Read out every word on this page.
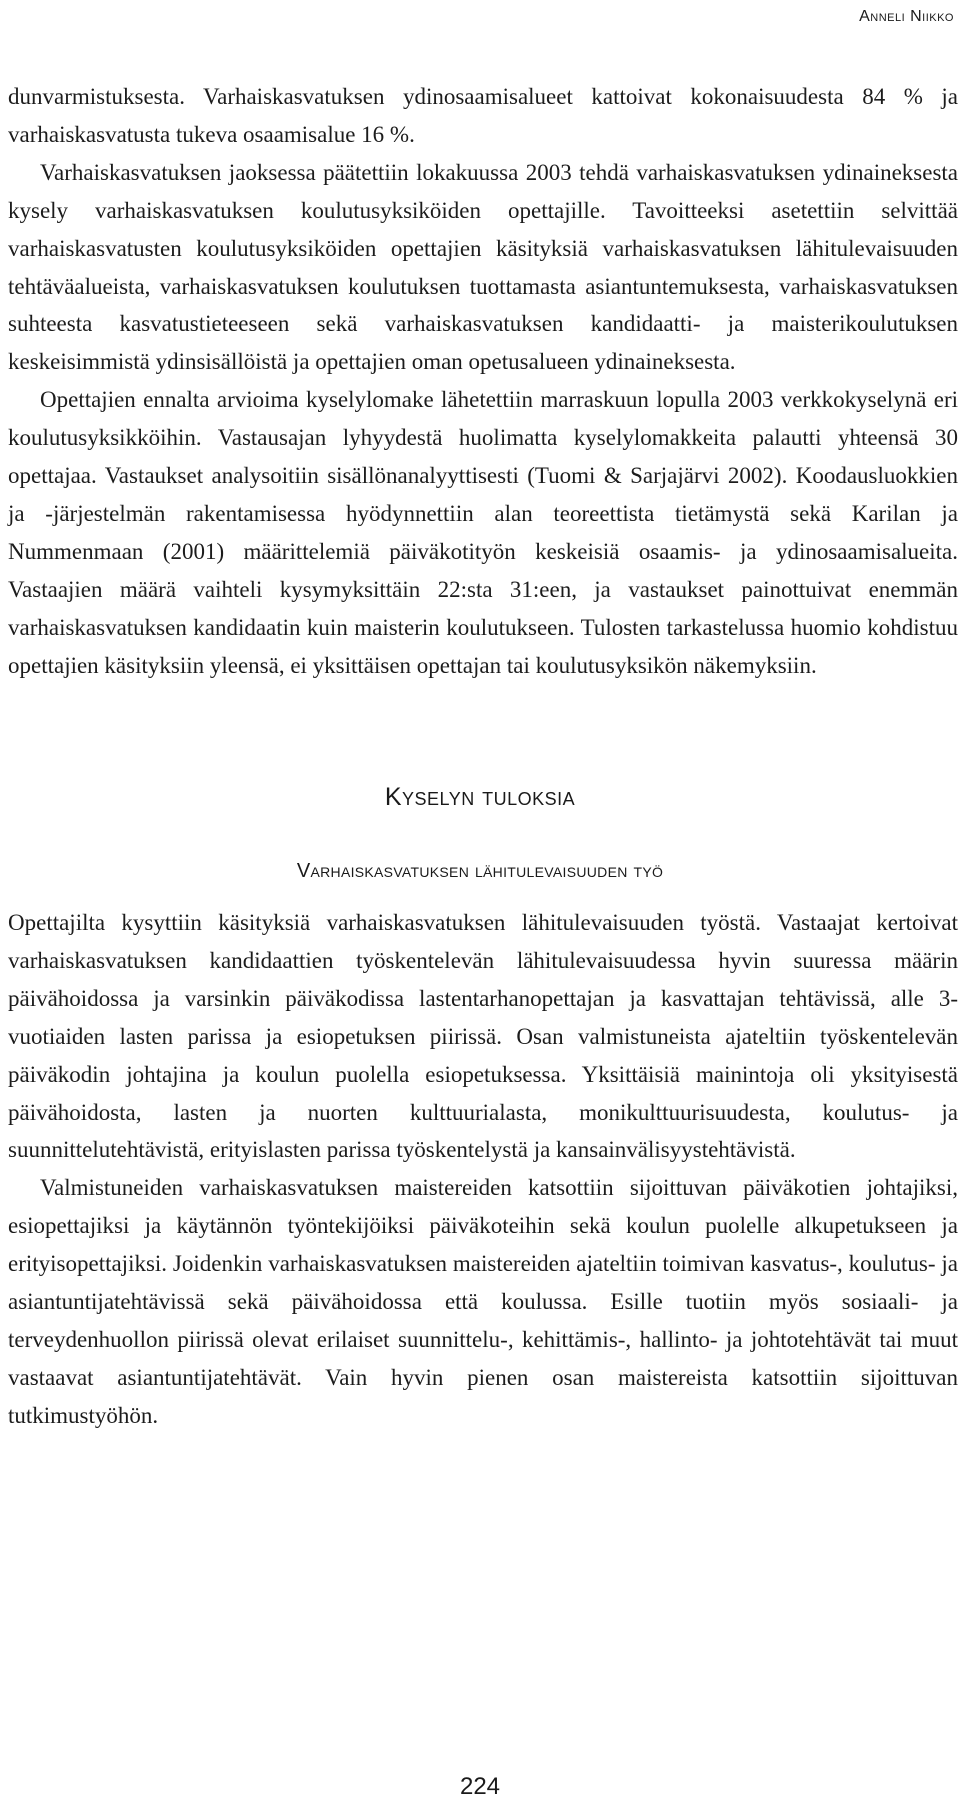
Anneli Niikko

dunvarmistuksesta. Varhaiskasvatuksen ydinosaamisalueet kattoivat kokonaisuudesta 84 % ja varhaiskasvatusta tukeva osaamisalue 16 %.

Varhaiskasvatuksen jaoksessa päätettiin lokakuussa 2003 tehdä varhaiskasvatuksen ydinaineksesta kysely varhaiskasvatuksen koulutusyksiköiden opettajille. Tavoitteeksi asetettiin selvittää varhaiskasvatusten koulutusyksiköiden opettajien käsityksiä varhaiskasvatuksen lähitulevaisuuden tehtäväalueista, varhaiskasvatuksen koulutuksen tuottamasta asiantuntemuksesta, varhaiskasvatuksen suhteesta kasvatustieteeseen sekä varhaiskasvatuksen kandidaatti- ja maisterikoulutuksen keskeisimmistä ydinsisällöistä ja opettajien oman opetusalueen ydinaineksesta.

Opettajien ennalta arvioima kyselylomake lähetettiin marraskuun lopulla 2003 verkkokyselynä eri koulutusyksikköihin. Vastausajan lyhyydestä huolimatta kyselylomakkeita palautti yhteensä 30 opettajaa. Vastaukset analysoitiin sisällönanalyyttisesti (Tuomi & Sarjajärvi 2002). Koodausluokkien ja -järjestelmän rakentamisessa hyödynnettiin alan teoreettista tietämystä sekä Karilan ja Nummenmaan (2001) määrittelemiä päiväkotityön keskeisiä osaamis- ja ydinosaamisalueita. Vastaajien määrä vaihteli kysymyksittäin 22:sta 31:een, ja vastaukset painottuivat enemmän varhaiskasvatuksen kandidaatin kuin maisterin koulutukseen. Tulosten tarkastelussa huomio kohdistuu opettajien käsityksiin yleensä, ei yksittäisen opettajan tai koulutusyksikön näkemyksiin.

Kyselyn tuloksia
Varhaiskasvatuksen lähitulevaisuuden työ

Opettajilta kysyttiin käsityksiä varhaiskasvatuksen lähitulevaisuuden työstä. Vastaajat kertoivat varhaiskasvatuksen kandidaattien työskentelevän lähitulevaisuudessa hyvin suuressa määrin päivähoidossa ja varsinkin päiväkodissa lastentarhanopettajan ja kasvattajan tehtävissä, alle 3-vuotiaiden lasten parissa ja esiopetuksen piirissä. Osan valmistuneista ajateltiin työskentelevän päiväkodin johtajina ja koulun puolella esiopetuksessa. Yksittäisiä mainintoja oli yksityisestä päivähoidosta, lasten ja nuorten kulttuurialasta, monikulttuurisuudesta, koulutus- ja suunnittelutehtävistä, erityislasten parissa työskentelystä ja kansainvälisyystehtävistä.

Valmistuneiden varhaiskasvatuksen maistereiden katsottiin sijoittuvan päiväkotien johtajiksi, esiopettajiksi ja käytännön työntekijöiksi päiväkoteihin sekä koulun puolelle alkupetukseen ja erityisopettajiksi. Joidenkin varhaiskasvatuksen maistereiden ajateltiin toimivan kasvatus-, koulutus- ja asiantuntijatehtävissä sekä päivähoidossa että koulussa. Esille tuotiin myös sosiaali- ja terveydenhuollon piirissä olevat erilaiset suunnittelu-, kehittämis-, hallinto- ja johtotehtävät tai muut vastaavat asiantuntijatehtävät. Vain hyvin pienen osan maistereista katsottiin sijoittuvan tutkimustyöhön.

224
